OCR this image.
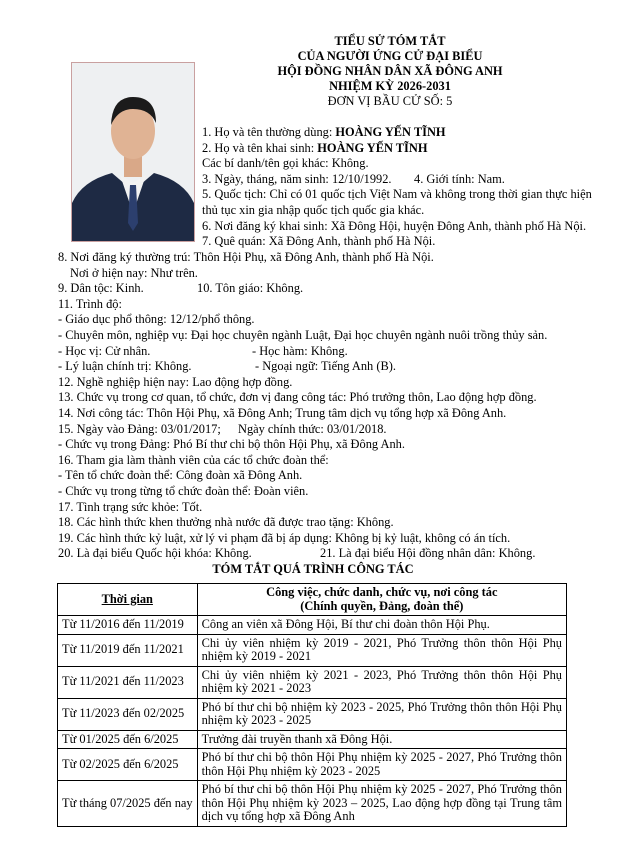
TIỂU SỬ TÓM TẮT
CỦA NGƯỜI ỨNG CỬ ĐẠI BIỂU
HỘI ĐỒNG NHÂN DÂN XÃ ĐÔNG ANH
NHIỆM KỲ 2026-2031
ĐƠN VỊ BẦU CỬ SỐ: 5
1. Họ và tên thường dùng: HOÀNG YẾN TĨNH
2. Họ và tên khai sinh: HOÀNG YẾN TĨNH
Các bí danh/tên gọi khác: Không.
3. Ngày, tháng, năm sinh: 12/10/1992. 4. Giới tính: Nam.
5. Quốc tịch: Chỉ có 01 quốc tịch Việt Nam và không trong thời gian thực hiện
thủ tục xin gia nhập quốc tịch quốc gia khác.
6. Nơi đăng ký khai sinh: Xã Đông Hội, huyện Đông Anh, thành phố Hà Nội.
7. Quê quán: Xã Đông Anh, thành phố Hà Nội.
8. Nơi đăng ký thường trú: Thôn Hội Phụ, xã Đông Anh, thành phố Hà Nội.
Nơi ở hiện nay: Như trên.
9. Dân tộc: Kinh.	10. Tôn giáo: Không.
11. Trình độ:
- Giáo dục phổ thông: 12/12/phổ thông.
- Chuyên môn, nghiệp vụ: Đại học chuyên ngành Luật, Đại học chuyên ngành nuôi trồng thủy sản.
- Học vị: Cử nhân.	- Học hàm: Không.
- Lý luận chính trị: Không.	- Ngoại ngữ: Tiếng Anh (B).
12. Nghề nghiệp hiện nay: Lao động hợp đồng.
13. Chức vụ trong cơ quan, tổ chức, đơn vị đang công tác: Phó trưởng thôn, Lao động hợp đồng.
14. Nơi công tác: Thôn Hội Phụ, xã Đông Anh; Trung tâm dịch vụ tổng hợp xã Đông Anh.
15. Ngày vào Đảng: 03/01/2017; Ngày chính thức: 03/01/2018.
- Chức vụ trong Đảng: Phó Bí thư chi bộ thôn Hội Phụ, xã Đông Anh.
16. Tham gia làm thành viên của các tổ chức đoàn thể:
- Tên tổ chức đoàn thể: Công đoàn xã Đông Anh.
- Chức vụ trong từng tổ chức đoàn thể: Đoàn viên.
17. Tình trạng sức khỏe: Tốt.
18. Các hình thức khen thưởng nhà nước đã được trao tặng: Không.
19. Các hình thức kỷ luật, xử lý vi phạm đã bị áp dụng: Không bị kỷ luật, không có án tích.
20. Là đại biểu Quốc hội khóa: Không.	21. Là đại biểu Hội đồng nhân dân: Không.
TÓM TẮT QUÁ TRÌNH CÔNG TÁC
Thời gian	Công việc, chức danh, chức vụ, nơi công tác
(Chính quyền, Đảng, đoàn thể)

Từ 11/2016 đến 11/2019	Công an viên xã Đông Hội, Bí thư chi đoàn thôn Hội Phụ.
Từ 11/2019 đến 11/2021	Chi ủy viên nhiệm kỳ 2019 - 2021, Phó Trưởng thôn thôn Hội Phụ nhiệm kỳ 2019 - 2021
Từ 11/2021 đến 11/2023	Chi ủy viên nhiệm kỳ 2021 - 2023, Phó Trưởng thôn thôn Hội Phụ nhiệm kỳ 2021 - 2023
Từ 11/2023 đến 02/2025	Phó bí thư chi bộ nhiệm kỳ 2023 - 2025, Phó Trưởng thôn thôn Hội Phụ nhiệm kỳ 2023 - 2025
Từ 01/2025 đến 6/2025	Trưởng đài truyền thanh xã Đông Hội.
Từ 02/2025 đến 6/2025	Phó bí thư chi bộ thôn Hội Phụ nhiệm kỳ 2025 - 2027, Phó Trưởng thôn thôn Hội Phụ nhiệm kỳ 2023 - 2025
Từ tháng 07/2025 đến nay	Phó bí thư chi bộ thôn Hội Phụ nhiệm kỳ 2025 - 2027, Phó Trưởng thôn thôn Hội Phụ nhiệm kỳ 2023 – 2025, Lao động hợp đồng tại Trung tâm dịch vụ tổng hợp xã Đông Anh
